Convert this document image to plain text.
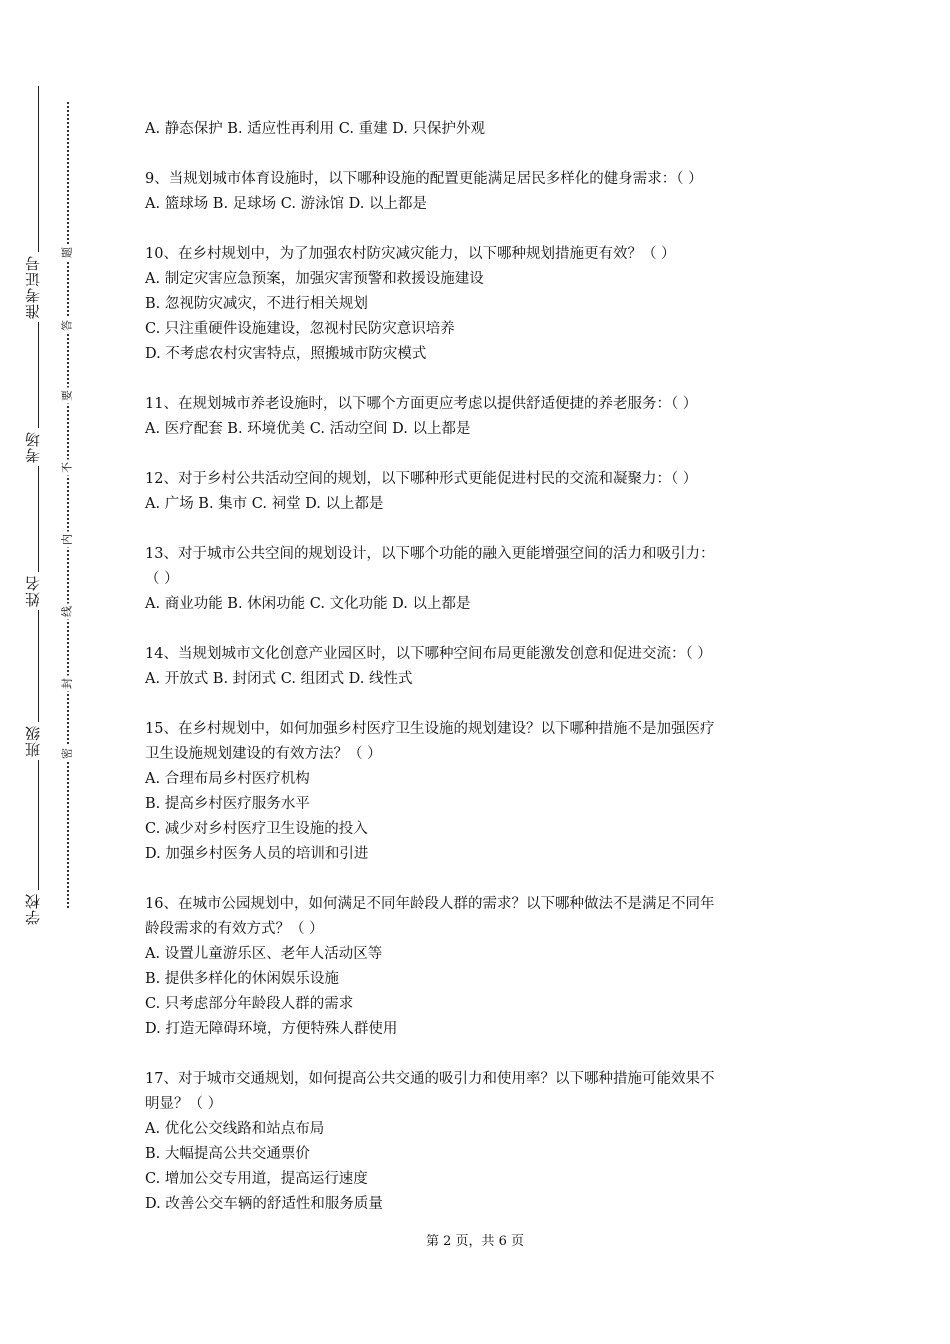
准考证号
考场
姓名
班级
学校
题
答
要
不
内
线
封
密
A. 静态保护 B. 适应性再利用 C. 重建 D. 只保护外观
9、当规划城市体育设施时，以下哪种设施的配置更能满足居民多样化的健身需求：（ ）
A. 篮球场 B. 足球场 C. 游泳馆 D. 以上都是
10、在乡村规划中，为了加强农村防灾减灾能力，以下哪种规划措施更有效？（ ）
A. 制定灾害应急预案，加强灾害预警和救援设施建设
B. 忽视防灾减灾，不进行相关规划
C. 只注重硬件设施建设，忽视村民防灾意识培养
D. 不考虑农村灾害特点，照搬城市防灾模式
11、在规划城市养老设施时，以下哪个方面更应考虑以提供舒适便捷的养老服务：（ ）
A. 医疗配套 B. 环境优美 C. 活动空间 D. 以上都是
12、对于乡村公共活动空间的规划，以下哪种形式更能促进村民的交流和凝聚力：（ ）
A. 广场 B. 集市 C. 祠堂 D. 以上都是
13、对于城市公共空间的规划设计，以下哪个功能的融入更能增强空间的活力和吸引力：
（ ）
A. 商业功能 B. 休闲功能 C. 文化功能 D. 以上都是
14、当规划城市文化创意产业园区时，以下哪种空间布局更能激发创意和促进交流：（ ）
A. 开放式 B. 封闭式 C. 组团式 D. 线性式
15、在乡村规划中，如何加强乡村医疗卫生设施的规划建设？以下哪种措施不是加强医疗
卫生设施规划建设的有效方法？（ ）
A. 合理布局乡村医疗机构
B. 提高乡村医疗服务水平
C. 减少对乡村医疗卫生设施的投入
D. 加强乡村医务人员的培训和引进
16、在城市公园规划中，如何满足不同年龄段人群的需求？以下哪种做法不是满足不同年
龄段需求的有效方式？（ ）
A. 设置儿童游乐区、老年人活动区等
B. 提供多样化的休闲娱乐设施
C. 只考虑部分年龄段人群的需求
D. 打造无障碍环境，方便特殊人群使用
17、对于城市交通规划，如何提高公共交通的吸引力和使用率？以下哪种措施可能效果不
明显？（ ）
A. 优化公交线路和站点布局
B. 大幅提高公共交通票价
C. 增加公交专用道，提高运行速度
D. 改善公交车辆的舒适性和服务质量
第 2 页，共 6 页
